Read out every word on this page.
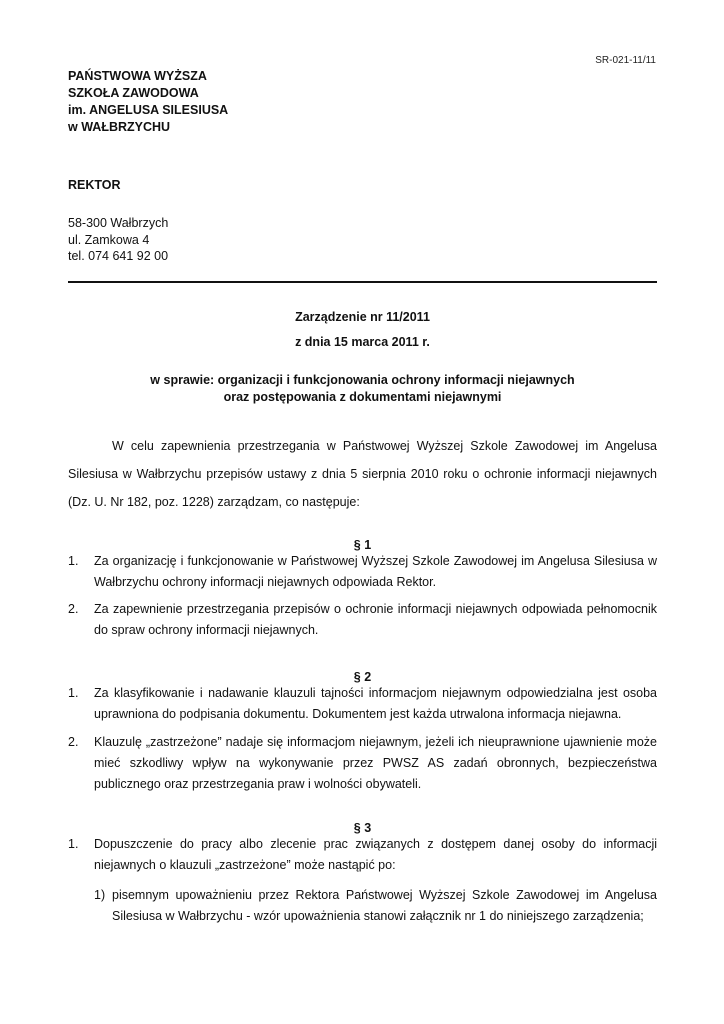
SR-021-11/11
PAŃSTWOWA WYŻSZA
SZKOŁA ZAWODOWA
im. ANGELUSA SILESIUSA
w WAŁBRZYCHU
REKTOR
58-300 Wałbrzych
ul. Zamkowa 4
tel. 074 641 92 00
Zarządzenie nr 11/2011
z dnia 15 marca 2011 r.
w sprawie: organizacji i funkcjonowania ochrony informacji niejawnych
oraz postępowania z dokumentami niejawnymi

W celu zapewnienia przestrzegania w Państwowej Wyższej Szkole Zawodowej im Angelusa Silesiusa w Wałbrzychu przepisów ustawy z dnia 5 sierpnia 2010 roku o ochronie informacji niejawnych (Dz. U. Nr 182, poz. 1228) zarządzam, co następuje:

§ 1
1. Za organizację i funkcjonowanie w Państwowej Wyższej Szkole Zawodowej im Angelusa Silesiusa w Wałbrzychu ochrony informacji niejawnych odpowiada Rektor.
2. Za zapewnienie przestrzegania przepisów o ochronie informacji niejawnych odpowiada pełnomocnik do spraw ochrony informacji niejawnych.
§ 2
1. Za klasyfikowanie i nadawanie klauzuli tajności informacjom niejawnym odpowiedzialna jest osoba uprawniona do podpisania dokumentu. Dokumentem jest każda utrwalona informacja niejawna.
2. Klauzulę „zastrzeżone” nadaje się informacjom niejawnym, jeżeli ich nieuprawnione ujawnienie może mieć szkodliwy wpływ na wykonywanie przez PWSZ AS zadań obronnych, bezpieczeństwa publicznego oraz przestrzegania praw i wolności obywateli.
§ 3
1. Dopuszczenie do pracy albo zlecenie prac związanych z dostępem danej osoby do informacji niejawnych o klauzuli „zastrzeżone” może nastąpić po:
1) pisemnym upoważnieniu przez Rektora Państwowej Wyższej Szkole Zawodowej im Angelusa Silesiusa w Wałbrzychu - wzór upoważnienia stanowi załącznik nr 1 do niniejszego zarządzenia;
